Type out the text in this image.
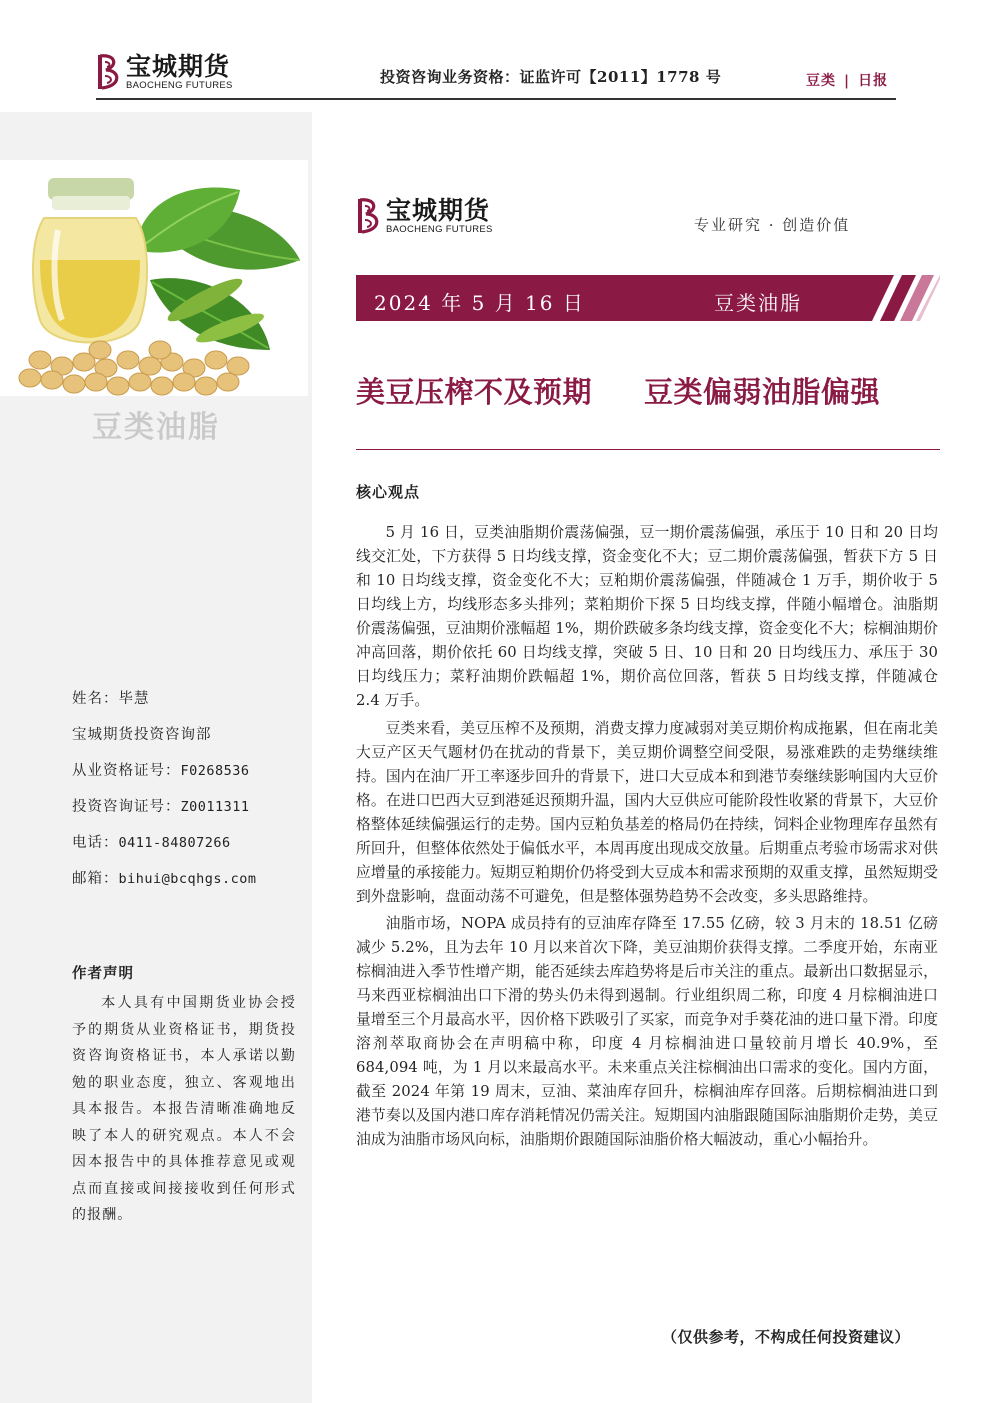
宝城期货
BAOCHENG FUTURES	投资咨询业务资格：证监许可【2011】1778 号	豆类 | 日报
豆类油脂
姓名：毕慧
宝城期货投资咨询部
从业资格证号：F0268536
投资咨询证号：Z0011311
电话：0411-84807266
邮箱：bihui@bcqhgs.com
作者声明
本人具有中国期货业协会授予的期货从业资格证书，期货投资咨询资格证书，本人承诺以勤勉的职业态度，独立、客观地出具本报告。本报告清晰准确地反映了本人的研究观点。本人不会因本报告中的具体推荐意见或观点而直接或间接接收到任何形式的报酬。
宝城期货
BAOCHENG FUTURES	专业研究 · 创造价值
2024 年 5 月 16 日	豆类油脂
美豆压榨不及预期 豆类偏弱油脂偏强
核心观点

5 月 16 日，豆类油脂期价震荡偏强，豆一期价震荡偏强，承压于 10 日和 20 日均线交汇处，下方获得 5 日均线支撑，资金变化不大；豆二期价震荡偏强，暂获下方 5 日和 10 日均线支撑，资金变化不大；豆粕期价震荡偏强，伴随减仓 1 万手，期价收于 5 日均线上方，均线形态多头排列；菜粕期价下探 5 日均线支撑，伴随小幅增仓。油脂期价震荡偏强，豆油期价涨幅超 1%，期价跌破多条均线支撑，资金变化不大；棕榈油期价冲高回落，期价依托 60 日均线支撑，突破 5 日、10 日和 20 日均线压力、承压于 30 日均线压力；菜籽油期价跌幅超 1%，期价高位回落，暂获 5 日均线支撑，伴随减仓 2.4 万手。

豆类来看，美豆压榨不及预期，消费支撑力度减弱对美豆期价构成拖累，但在南北美大豆产区天气题材仍在扰动的背景下，美豆期价调整空间受限，易涨难跌的走势继续维持。国内在油厂开工率逐步回升的背景下，进口大豆成本和到港节奏继续影响国内大豆价格。在进口巴西大豆到港延迟预期升温，国内大豆供应可能阶段性收紧的背景下，大豆价格整体延续偏强运行的走势。国内豆粕负基差的格局仍在持续，饲料企业物理库存虽然有所回升，但整体依然处于偏低水平，本周再度出现成交放量。后期重点考验市场需求对供应增量的承接能力。短期豆粕期价仍将受到大豆成本和需求预期的双重支撑，虽然短期受到外盘影响，盘面动荡不可避免，但是整体强势趋势不会改变，多头思路维持。

油脂市场，NOPA 成员持有的豆油库存降至 17.55 亿磅，较 3 月末的 18.51 亿磅减少 5.2%，且为去年 10 月以来首次下降，美豆油期价获得支撑。二季度开始，东南亚棕榈油进入季节性增产期，能否延续去库趋势将是后市关注的重点。最新出口数据显示，马来西亚棕榈油出口下滑的势头仍未得到遏制。行业组织周二称，印度 4 月棕榈油进口量增至三个月最高水平，因价格下跌吸引了买家，而竞争对手葵花油的进口量下滑。印度溶剂萃取商协会在声明稿中称，印度 4 月棕榈油进口量较前月增长 40.9%，至 684,094 吨，为 1 月以来最高水平。未来重点关注棕榈油出口需求的变化。国内方面，截至 2024 年第 19 周末，豆油、菜油库存回升，棕榈油库存回落。后期棕榈油进口到港节奏以及国内港口库存消耗情况仍需关注。短期国内油脂跟随国际油脂期价走势，美豆油成为油脂市场风向标，油脂期价跟随国际油脂价格大幅波动，重心小幅抬升。

（仅供参考，不构成任何投资建议）
